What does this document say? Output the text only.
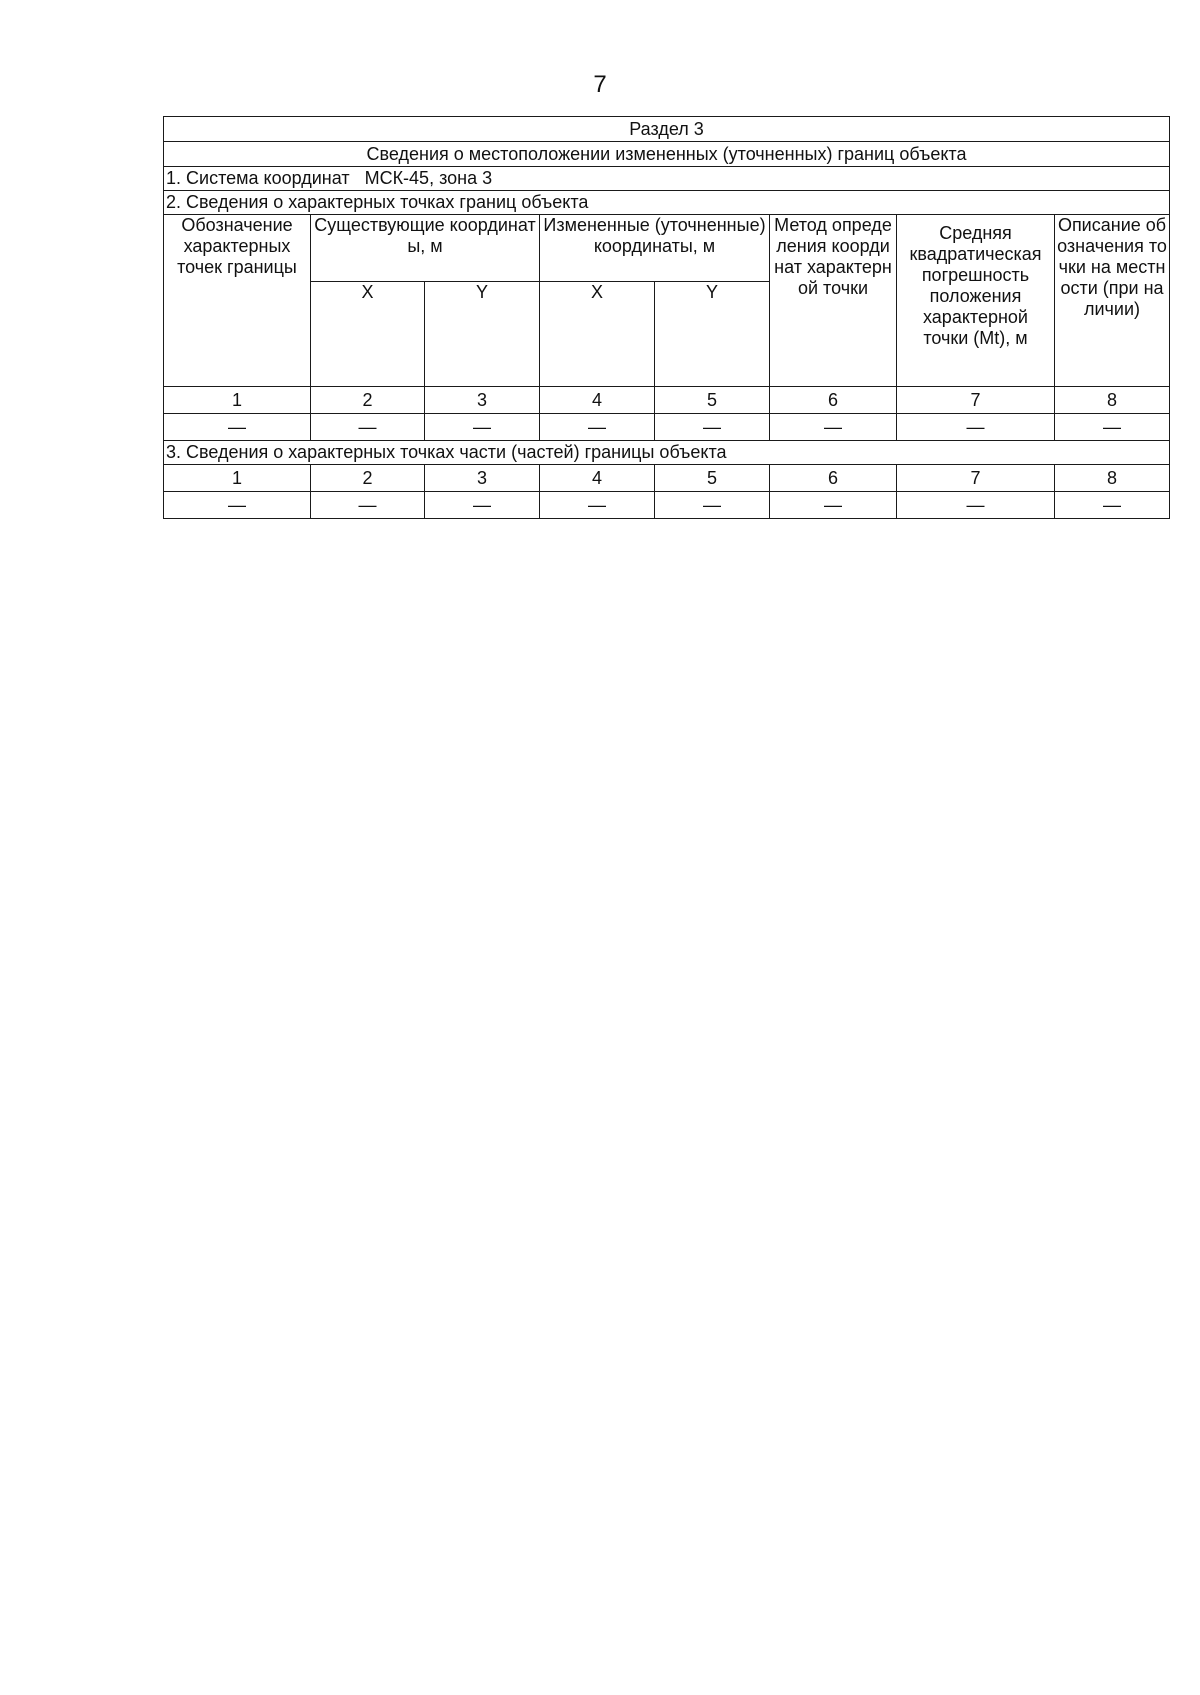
7
Раздел 3							
Сведения о местоположении измененных (уточненных) границ объекта							
1. Система координат МСК-45, зона 3							
2. Сведения о характерных точках границ объекта							
Обозначение характерных точек границы	Существующие координаты, м		Измененные (уточненные) координаты, м		Метод определения координат характерной точки	Средняя квадратическая погрешность положения характерной точки (Mt), м	Описание обозначения точки на местности (при наличии)
	X	Y	X	Y			
1	2	3	4	5	6	7	8
—	—	—	—	—	—	—	—
3. Сведения о характерных точках части (частей) границы объекта							
1	2	3	4	5	6	7	8
—	—	—	—	—	—	—	—
